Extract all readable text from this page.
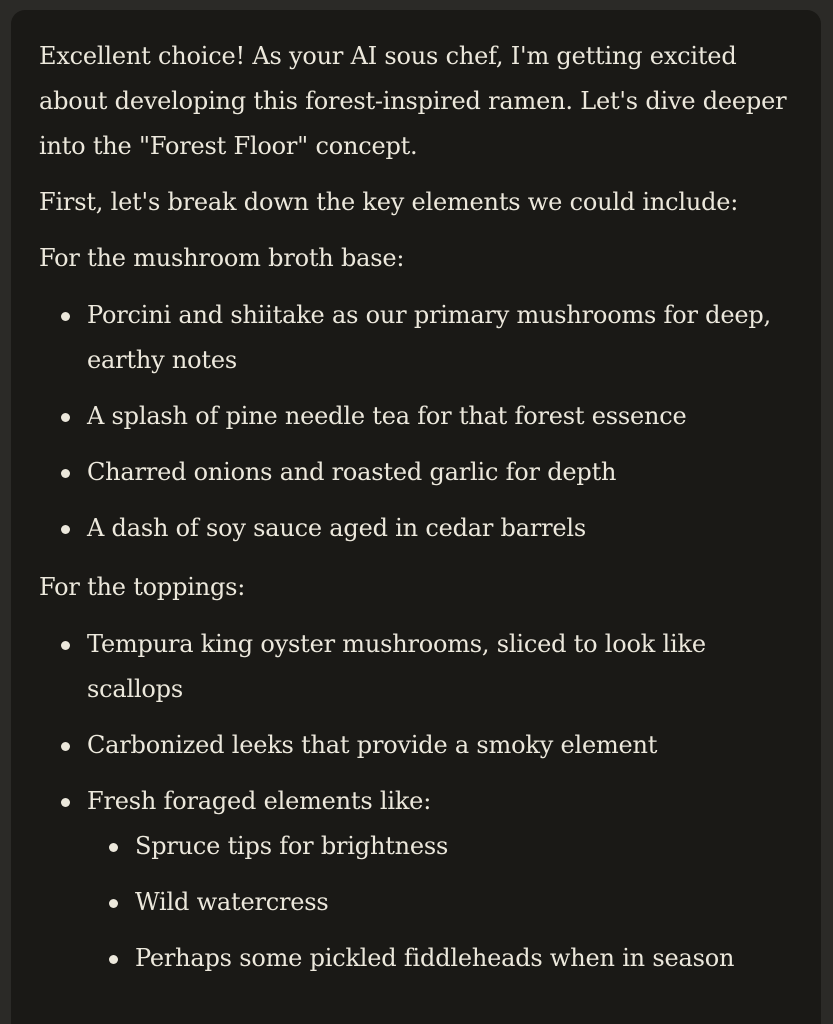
Excellent choice! As your AI sous chef, I'm getting excited about developing this forest-inspired ramen. Let's dive deeper into the "Forest Floor" concept.

First, let's break down the key elements we could include:

For the mushroom broth base:

Porcini and shiitake as our primary mushrooms for deep, earthy notes
A splash of pine needle tea for that forest essence
Charred onions and roasted garlic for depth
A dash of soy sauce aged in cedar barrels

For the toppings:

Tempura king oyster mushrooms, sliced to look like scallops
Carbonized leeks that provide a smoky element
Fresh foraged elements like:
Spruce tips for brightness
Wild watercress
Perhaps some pickled fiddleheads when in season
